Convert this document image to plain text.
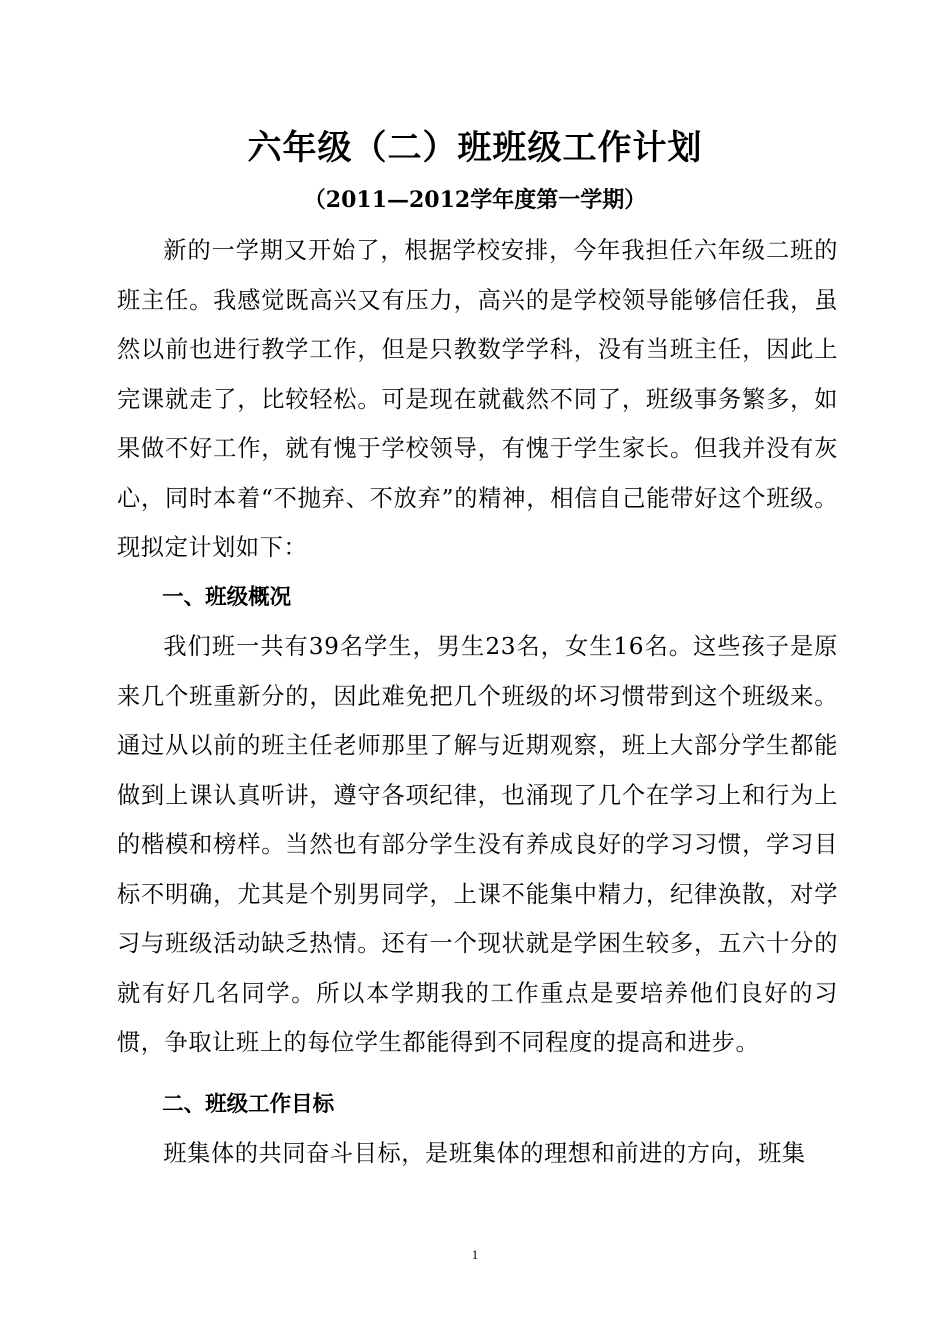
六年级（二）班班级工作计划
（2011—2012学年度第一学期）

新的一学期又开始了，根据学校安排，今年我担任六年级二班的班主任。我感觉既高兴又有压力，高兴的是学校领导能够信任我，虽然以前也进行教学工作，但是只教数学学科，没有当班主任，因此上完课就走了，比较轻松。可是现在就截然不同了，班级事务繁多，如果做不好工作，就有愧于学校领导，有愧于学生家长。但我并没有灰心，同时本着“不抛弃、不放弃”的精神，相信自己能带好这个班级。现拟定计划如下：

一、班级概况

我们班一共有39名学生，男生23名，女生16名。这些孩子是原来几个班重新分的，因此难免把几个班级的坏习惯带到这个班级来。通过从以前的班主任老师那里了解与近期观察，班上大部分学生都能做到上课认真听讲，遵守各项纪律，也涌现了几个在学习上和行为上的楷模和榜样。当然也有部分学生没有养成良好的学习习惯，学习目标不明确，尤其是个别男同学，上课不能集中精力，纪律涣散，对学习与班级活动缺乏热情。还有一个现状就是学困生较多，五六十分的就有好几名同学。所以本学期我的工作重点是要培养他们良好的习惯，争取让班上的每位学生都能得到不同程度的提高和进步。

二、班级工作目标

班集体的共同奋斗目标，是班集体的理想和前进的方向，班集

1
